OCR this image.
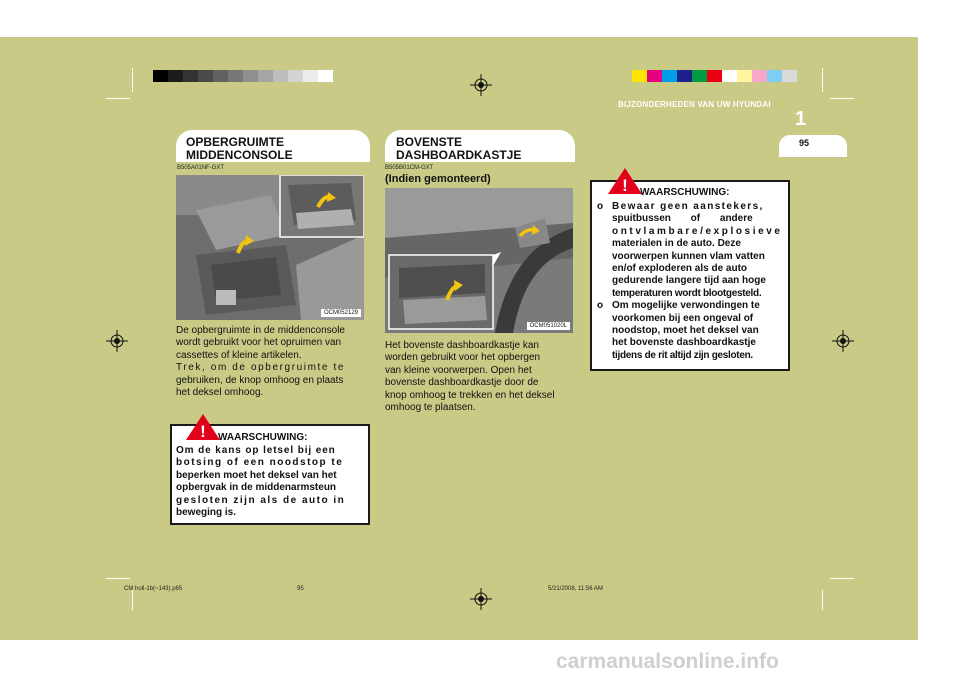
BIJZONDERHEDEN VAN UW HYUNDAI
1
95
OPBERGRUIMTE
MIDDENCONSOLE
B505A01NF-GXT
OCM052129
De opbergruimte in de middenconsole
wordt gebruikt voor het opruimen van
cassettes of kleine artikelen.
Trek, om de opbergruimte te
gebruiken, de knop omhoog en plaats
het deksel omhoog.
! WAARSCHUWING:
Om de kans op letsel bij een
botsing of een noodstop te
beperken moet het deksel van het
opbergvak in de middenarmsteun
gesloten zijn als de auto in
beweging is.
BOVENSTE
DASHBOARDKASTJE
B505B01CM-GXT
(Indien gemonteerd)
OCM051020L
Het bovenste dashboardkastje kan
worden gebruikt voor het opbergen
van kleine voorwerpen. Open het
bovenste dashboardkastje door de
knop omhoog te trekken en het deksel
omhoog te plaatsen.
! WAARSCHUWING:
o Bewaar geen aanstekers,
spuitbussen of andere
ontvlambare/explosieve
materialen in de auto. Deze
voorwerpen kunnen vlam vatten
en/of exploderen als de auto
gedurende langere tijd aan hoge
temperaturen wordt blootgesteld.
o Om mogelijke verwondingen te
voorkomen bij een ongeval of
noodstop, moet het deksel van
het bovenste dashboardkastje
tijdens de rit altijd zijn gesloten.
CM holl-1b(~143).p65	95	5/21/2008, 11:56 AM
carmanualsonline.info
